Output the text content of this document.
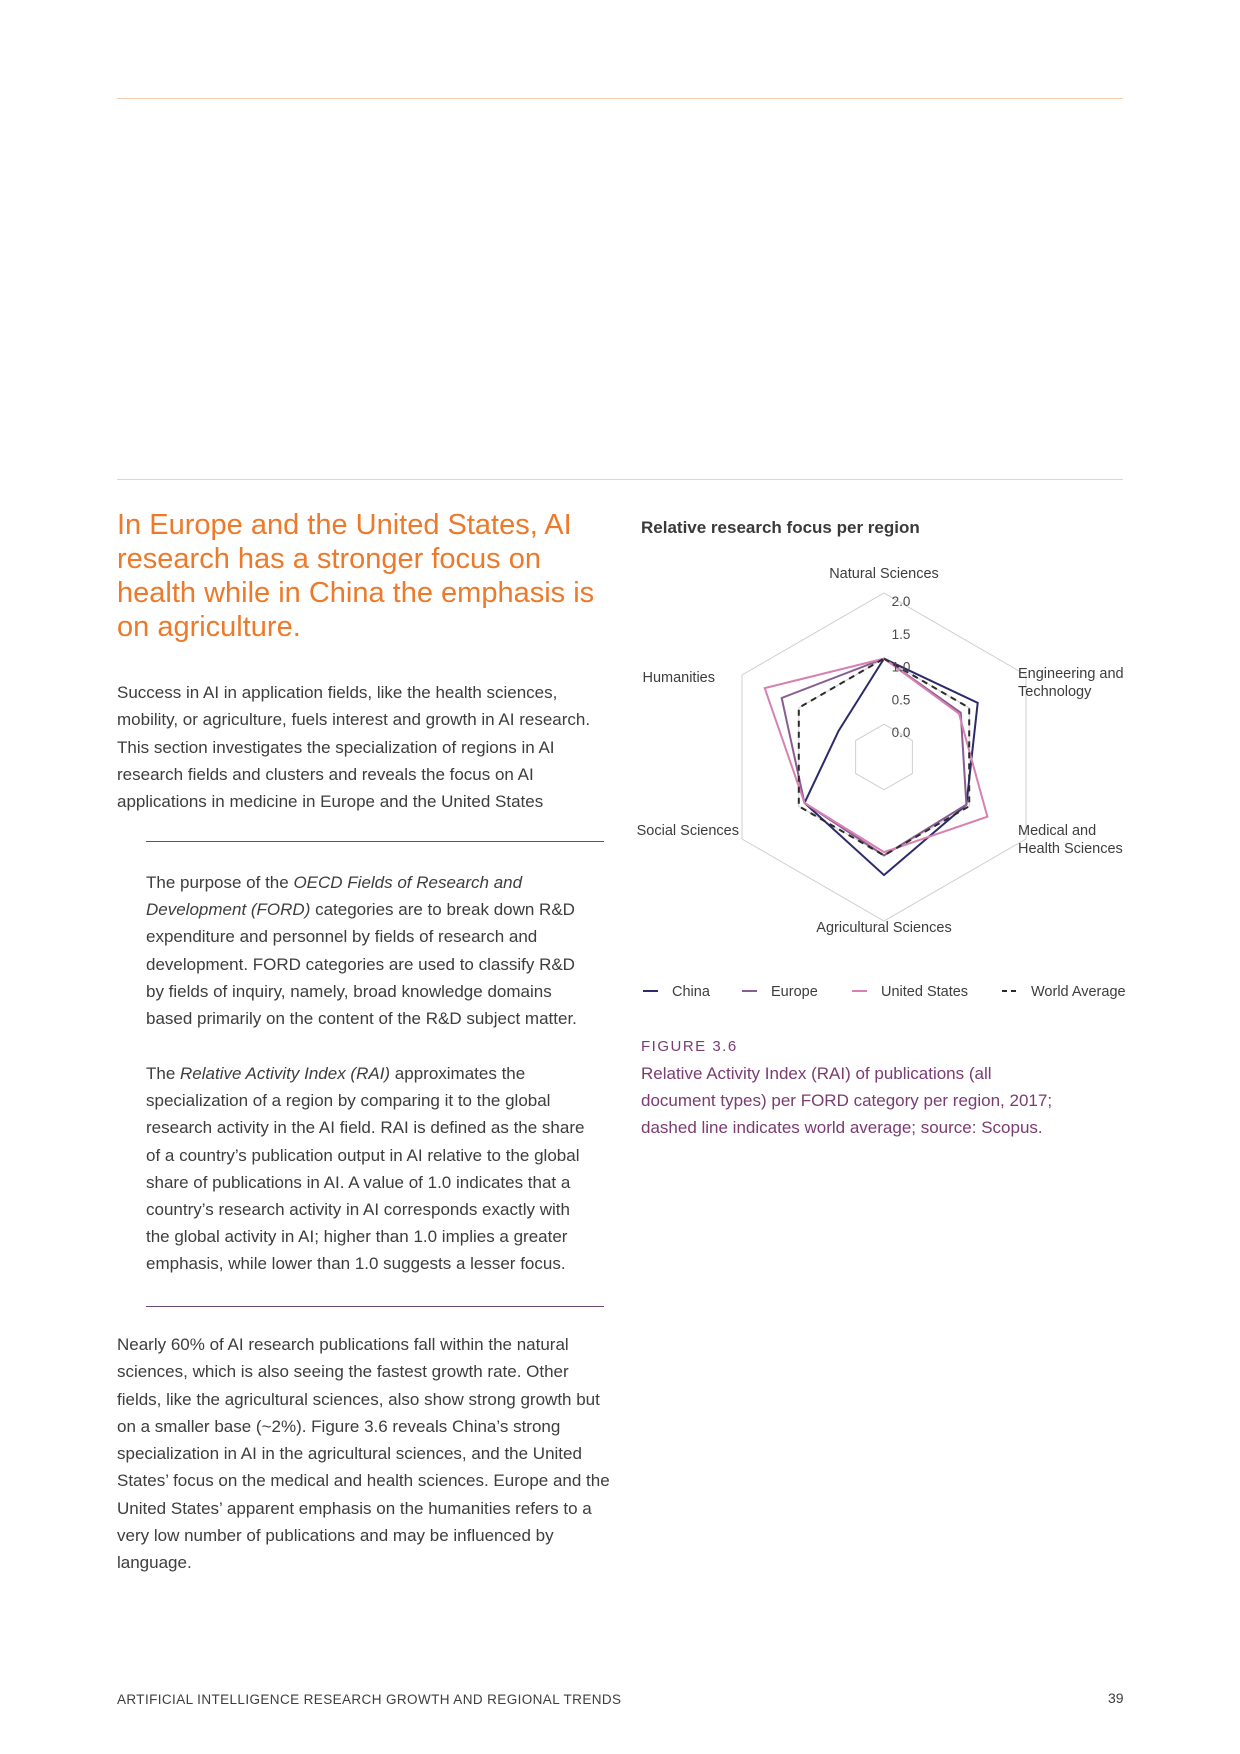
In Europe and the United States, AI research has a stronger focus on health while in China the emphasis is on agriculture.

Success in AI in application fields, like the health sciences, mobility, or agriculture, fuels interest and growth in AI research. This section investigates the specialization of regions in AI research fields and clusters and reveals the focus on AI applications in medicine in Europe and the United States

The purpose of the OECD Fields of Research and Development (FORD) categories are to break down R&D expenditure and personnel by fields of research and development. FORD categories are used to classify R&D by fields of inquiry, namely, broad knowledge domains based primarily on the content of the R&D subject matter.

The Relative Activity Index (RAI) approximates the specialization of a region by comparing it to the global research activity in the AI field. RAI is defined as the share of a country’s publication output in AI relative to the global share of publications in AI. A value of 1.0 indicates that a country’s research activity in AI corresponds exactly with the global activity in AI; higher than 1.0 implies a greater emphasis, while lower than 1.0 suggests a lesser focus.

Nearly 60% of AI research publications fall within the natural sciences, which is also seeing the fastest growth rate. Other fields, like the agricultural sciences, also show strong growth but on a smaller base (~2%). Figure 3.6 reveals China’s strong specialization in AI in the agricultural sciences, and the United States’ focus on the medical and health sciences. Europe and the United States’ apparent emphasis on the humanities refers to a very low number of publications and may be influenced by language.

Relative research focus per region

2.0
1.5
1.0
0.5
0.0
Natural Sciences
Engineering and
Technology
Medical and
Health Sciences
Agricultural Sciences
Social Sciences
Humanities
China	Europe	United States	World Average

FIGURE 3.6

Relative Activity Index (RAI) of publications (all document types) per FORD category per region, 2017; dashed line indicates world average; source: Scopus.

ARTIFICIAL INTELLIGENCE RESEARCH GROWTH AND REGIONAL TRENDS	39
